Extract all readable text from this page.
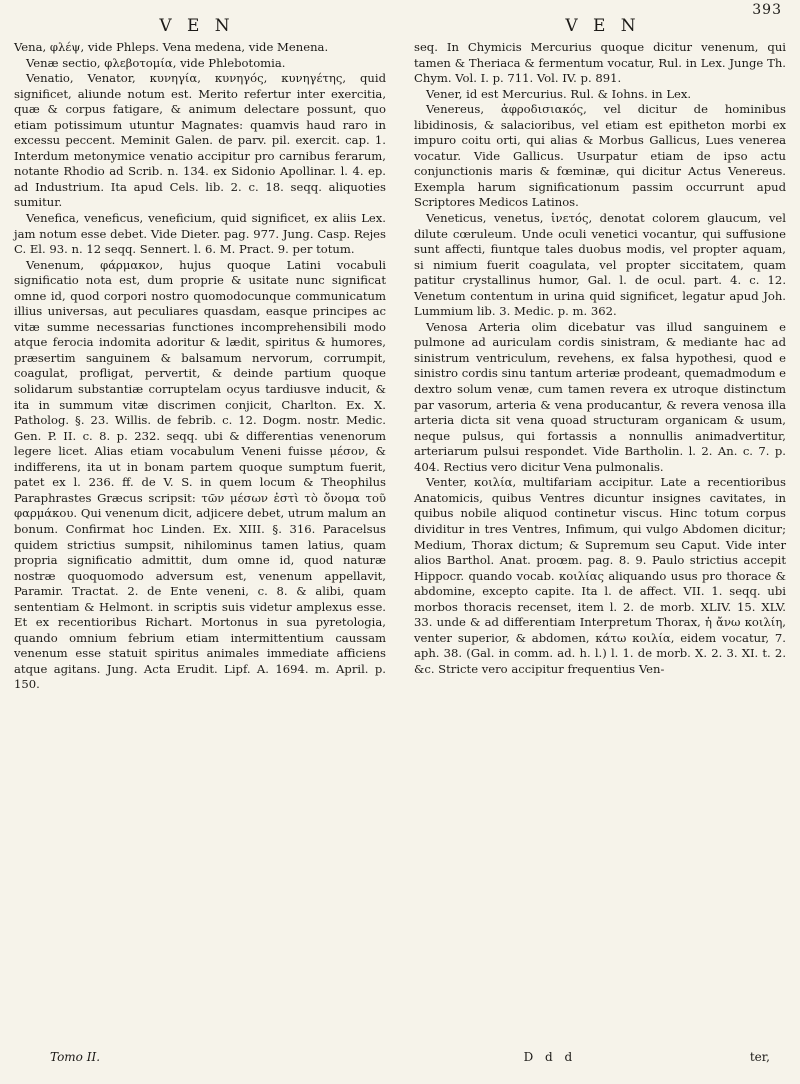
V E N	V E N
393

Vena, φλέψ, vide Phleps. Vena medena, vide Menena.

Venæ sectio, φλεβοτομία, vide Phlebotomia.

Venatio, Venator, κυνηγία, κυνηγός, κυνηγέτης, quid significet, aliunde notum est. Merito refertur inter exercitia, quæ & corpus fatigare, & animum delectare possunt, quo etiam potissimum utuntur Magnates: quamvis haud raro in excessu peccent. Meminit Galen. de parv. pil. exercit. cap. 1. Interdum metonymice venatio accipitur pro carnibus ferarum, notante Rhodio ad Scrib. n. 134. ex Sidonio Apollinar. l. 4. ep. ad Industrium. Ita apud Cels. lib. 2. c. 18. seqq. aliquoties sumitur.

Venefica, veneficus, veneficium, quid significet, ex aliis Lex. jam notum esse debet. Vide Dieter. pag. 977. Jung. Casp. Rejes C. El. 93. n. 12 seqq. Sennert. l. 6. M. Pract. 9. per totum.

Venenum, φάρμακον, hujus quoque Latini vocabuli significatio nota est, dum proprie & usitate nunc significat omne id, quod corpori nostro quomodocunque communicatum illius universas, aut peculiares quasdam, easque principes ac vitæ summe necessarias functiones incomprehensibili modo atque ferocia indomita adoritur & lædit, spiritus & humores, præsertim sanguinem & balsamum nervorum, corrumpit, coagulat, profligat, pervertit, & deinde partium quoque solidarum substantiæ corruptelam ocyus tardiusve inducit, & ita in summum vitæ discrimen conjicit, Charlton. Ex. X. Patholog. §. 23. Willis. de febrib. c. 12. Dogm. nostr. Medic. Gen. P. II. c. 8. p. 232. seqq. ubi & differentias venenorum legere licet. Alias etiam vocabulum Veneni fuisse μέσον, & indifferens, ita ut in bonam partem quoque sumptum fuerit, patet ex l. 236. ff. de V. S. in quem locum & Theophilus Paraphrastes Græcus scripsit: τῶν μέσων ἐστὶ τὸ ὄνομα τοῦ φαρμάκου. Qui venenum dicit, adjicere debet, utrum malum an bonum. Confirmat hoc Linden. Ex. XIII. §. 316. Paracelsus quidem strictius sumpsit, nihilominus tamen latius, quam propria significatio admittit, dum omne id, quod naturæ nostræ quoquomodo adversum est, venenum appellavit, Paramir. Tractat. 2. de Ente veneni, c. 8. & alibi, quam sententiam & Helmont. in scriptis suis videtur amplexus esse. Et ex recentioribus Richart. Mortonus in sua pyretologia, quando omnium febrium etiam intermittentium caussam venenum esse statuit spiritus animales immediate afficiens atque agitans. Jung. Acta Erudit. Lipf. A. 1694. m. April. p. 150.

seq. In Chymicis Mercurius quoque dicitur venenum, qui tamen & Theriaca & fermentum vocatur, Rul. in Lex. Junge Th. Chym. Vol. I. p. 711. Vol. IV. p. 891.

Vener, id est Mercurius. Rul. & Iohns. in Lex.

Venereus, ἀφροδισιακός, vel dicitur de hominibus libidinosis, & salacioribus, vel etiam est epitheton morbi ex impuro coitu orti, qui alias & Morbus Gallicus, Lues venerea vocatur. Vide Gallicus. Usurpatur etiam de ipso actu conjunctionis maris & fœminæ, qui dicitur Actus Venereus. Exempla harum significationum passim occurrunt apud Scriptores Medicos Latinos.

Veneticus, venetus, ἰνετός, denotat colorem glaucum, vel dilute cœruleum. Unde oculi venetici vocantur, qui suffusione sunt affecti, fiuntque tales duobus modis, vel propter aquam, si nimium fuerit coagulata, vel propter siccitatem, quam patitur crystallinus humor, Gal. l. de ocul. part. 4. c. 12. Venetum contentum in urina quid significet, legatur apud Joh. Lummium lib. 3. Medic. p. m. 362.

Venosa Arteria olim dicebatur vas illud sanguinem e pulmone ad auriculam cordis sinistram, & mediante hac ad sinistrum ventriculum, revehens, ex falsa hypothesi, quod e sinistro cordis sinu tantum arteriæ prodeant, quemadmodum e dextro solum venæ, cum tamen revera ex utroque distinctum par vasorum, arteria & vena producantur, & revera venosa illa arteria dicta sit vena quoad structuram organicam & usum, neque pulsus, qui fortassis a nonnullis animadvertitur, arteriarum pulsui respondet. Vide Bartholin. l. 2. An. c. 7. p. 404. Rectius vero dicitur Vena pulmonalis.

Venter, κοιλία, multifariam accipitur. Late a recentioribus Anatomicis, quibus Ventres dicuntur insignes cavitates, in quibus nobile aliquod continetur viscus. Hinc totum corpus dividitur in tres Ventres, Infimum, qui vulgo Abdomen dicitur; Medium, Thorax dictum; & Supremum seu Caput. Vide inter alios Barthol. Anat. proœm. pag. 8. 9. Paulo strictius accepit Hippocr. quando vocab. κοιλίας aliquando usus pro thorace & abdomine, excepto capite. Ita l. de affect. VII. 1. seqq. ubi morbos thoracis recenset, item l. 2. de morb. XLIV. 15. XLV. 33. unde & ad differentiam Interpretum Thorax, ἡ ἄνω κοιλίη, venter superior, & abdomen, κάτω κοιλία, eidem vocatur, 7. aph. 38. (Gal. in comm. ad. h. l.) l. 1. de morb. X. 2. 3. XI. t. 2. &c. Stricte vero accipitur frequentius Ven-

Tomo II.	D d d	ter,
